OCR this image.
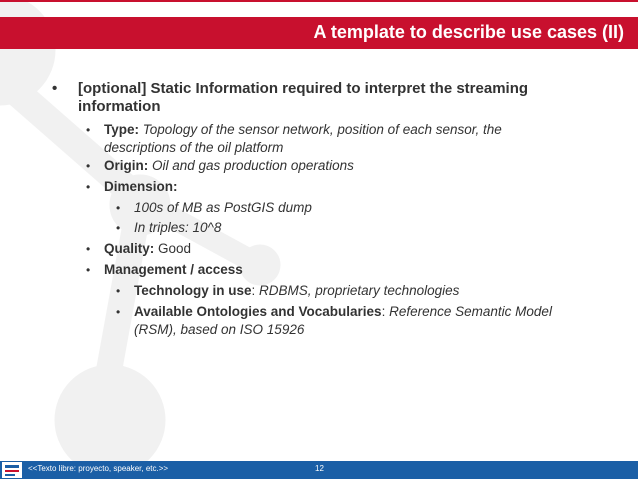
A template to describe use cases (II)
• [optional] Static Information required to interpret the streaming
information
• Type: Topology of the sensor network, position of each sensor, the
descriptions of the oil platform
• Origin: Oil and gas production operations
• Dimension:
• 100s of MB as PostGIS dump
• In triples: 10^8
• Quality: Good
• Management / access
• Technology in use: RDBMS, proprietary technologies
• Available Ontologies and Vocabularies: Reference Semantic Model
(RSM), based on ISO 15926
<<Texto libre: proyecto, speaker, etc.>>	12
